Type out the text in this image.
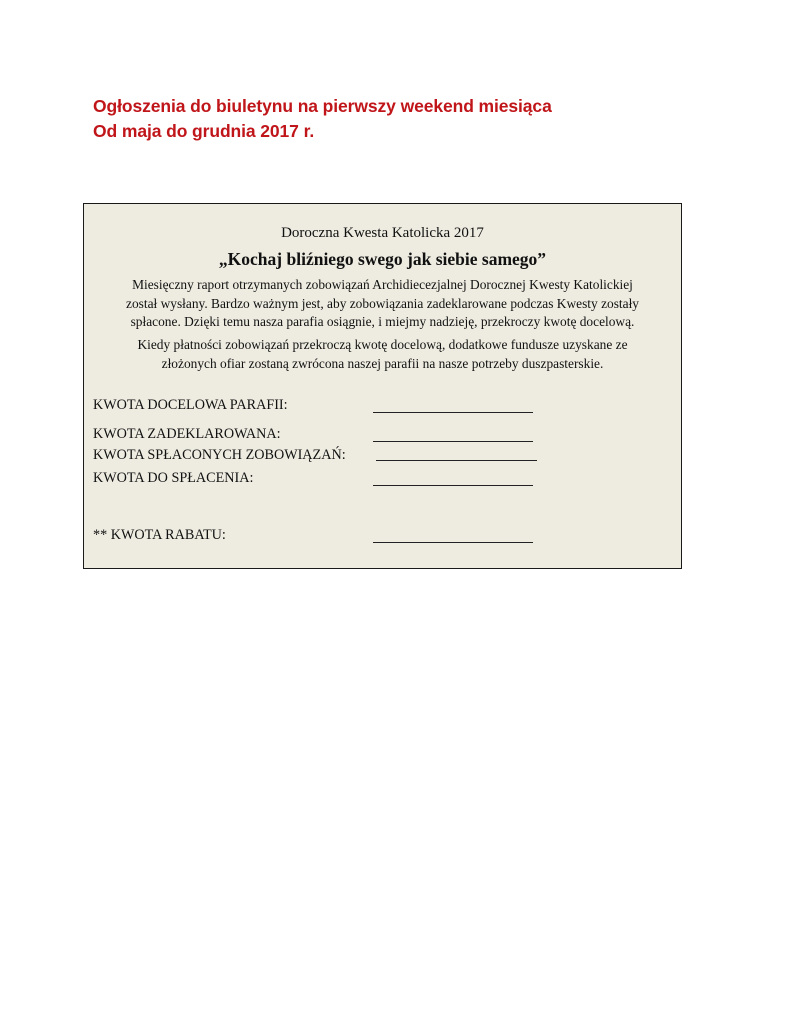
Ogłoszenia do biuletynu na pierwszy weekend miesiąca
Od maja do grudnia 2017 r.
Doroczna Kwesta Katolicka 2017
„Kochaj bliźniego swego jak siebie samego”
Miesięczny raport otrzymanych zobowiązań Archidiecezjalnej Dorocznej Kwesty Katolickiej
został wysłany. Bardzo ważnym jest, aby zobowiązania zadeklarowane podczas Kwesty zostały
spłacone. Dzięki temu nasza parafia osiągnie, i miejmy nadzieję, przekroczy kwotę docelową.
Kiedy płatności zobowiązań przekroczą kwotę docelową, dodatkowe fundusze uzyskane ze
złożonych ofiar zostaną zwrócona naszej parafii na nasze potrzeby duszpasterskie.
KWOTA DOCELOWA PARAFII:
KWOTA ZADEKLAROWANA:
KWOTA SPŁACONYCH ZOBOWIĄZAŃ:
KWOTA DO SPŁACENIA:
** KWOTA RABATU:
